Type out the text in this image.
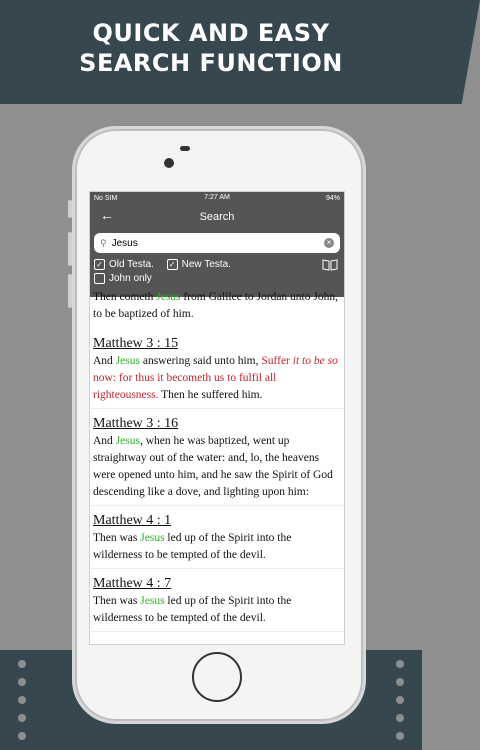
QUICK AND EASY
SEARCH FUNCTION
No SIM	7:27 AM	94%
←	Search
⚲ Jesus	×
✓ Old Testa.
✓ New Testa.
John only
Then cometh Jesus from Galilee to Jordan unto John, to be baptized of him.
Matthew 3 : 15
And Jesus answering said unto him, Suffer it to be so now: for thus it becometh us to fulfil all righteousness. Then he suffered him.
Matthew 3 : 16
And Jesus, when he was baptized, went up straightway out of the water: and, lo, the heavens were opened unto him, and he saw the Spirit of God descending like a dove, and lighting upon him:
Matthew 4 : 1
Then was Jesus led up of the Spirit into the wilderness to be tempted of the devil.
Matthew 4 : 7
Then was Jesus led up of the Spirit into the wilderness to be tempted of the devil.
